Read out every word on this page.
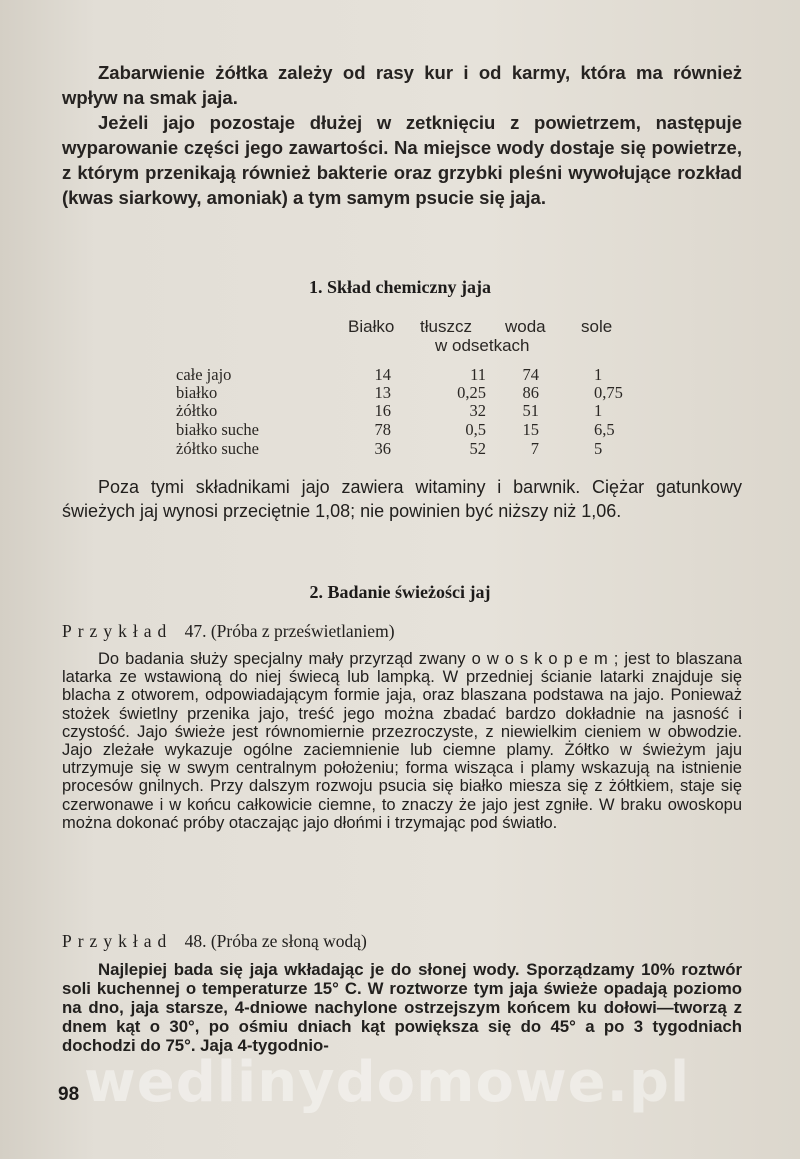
Zabarwienie żółtka zależy od rasy kur i od karmy, która ma również wpływ na smak jaja.

Jeżeli jajo pozostaje dłużej w zetknięciu z powietrzem, następuje wyparowanie części jego zawartości. Na miejsce wody dostaje się powietrze, z którym przenikają również bakterie oraz grzybki pleśni wywołujące rozkład (kwas siarkowy, amoniak) a tym samym psucie się jaja.

1. Skład chemiczny jaja
Białko tłuszcz woda sole
w odsetkach
całe jajo	14	11	74	1
białko	13	0,25	86	0,75
żółtko	16	32	51	1
białko suche	78	0,5	15	6,5
żółtko suche	36	52	7	5

Poza tymi składnikami jajo zawiera witaminy i barwnik. Ciężar gatunkowy świeżych jaj wynosi przeciętnie 1,08; nie powinien być niższy niż 1,06.

2. Badanie świeżości jaj
Przykład 47. (Próba z prześwietlaniem)

Do badania służy specjalny mały przyrząd zwany owoskopem; jest to blaszana latarka ze wstawioną do niej świecą lub lampką. W przedniej ścianie latarki znajduje się blacha z otworem, odpowiadającym formie jaja, oraz blaszana podstawa na jajo. Ponieważ stożek świetlny przenika jajo, treść jego można zbadać bardzo dokładnie na jasność i czystość. Jajo świeże jest równomiernie przezroczyste, z niewielkim cieniem w obwodzie. Jajo zleżałe wykazuje ogólne zaciemnienie lub ciemne plamy. Żółtko w świeżym jaju utrzymuje się w swym centralnym położeniu; forma wisząca i plamy wskazują na istnienie procesów gnilnych. Przy dalszym rozwoju psucia się białko miesza się z żółtkiem, staje się czerwonawe i w końcu całkowicie ciemne, to znaczy że jajo jest zgniłe. W braku owoskopu można dokonać próby otaczając jajo dłońmi i trzymając pod światło.

Przykład 48. (Próba ze słoną wodą)

Najlepiej bada się jaja wkładając je do słonej wody. Sporządzamy 10% roztwór soli kuchennej o temperaturze 15° C. W roztworze tym jaja świeże opadają poziomo na dno, jaja starsze, 4-dniowe nachylone ostrzejszym końcem ku dołowi—tworzą z dnem kąt o 30°, po ośmiu dniach kąt powiększa się do 45° a po 3 tygodniach dochodzi do 75°. Jaja 4-tygodnio-

wedlinydomowe.pl
98
